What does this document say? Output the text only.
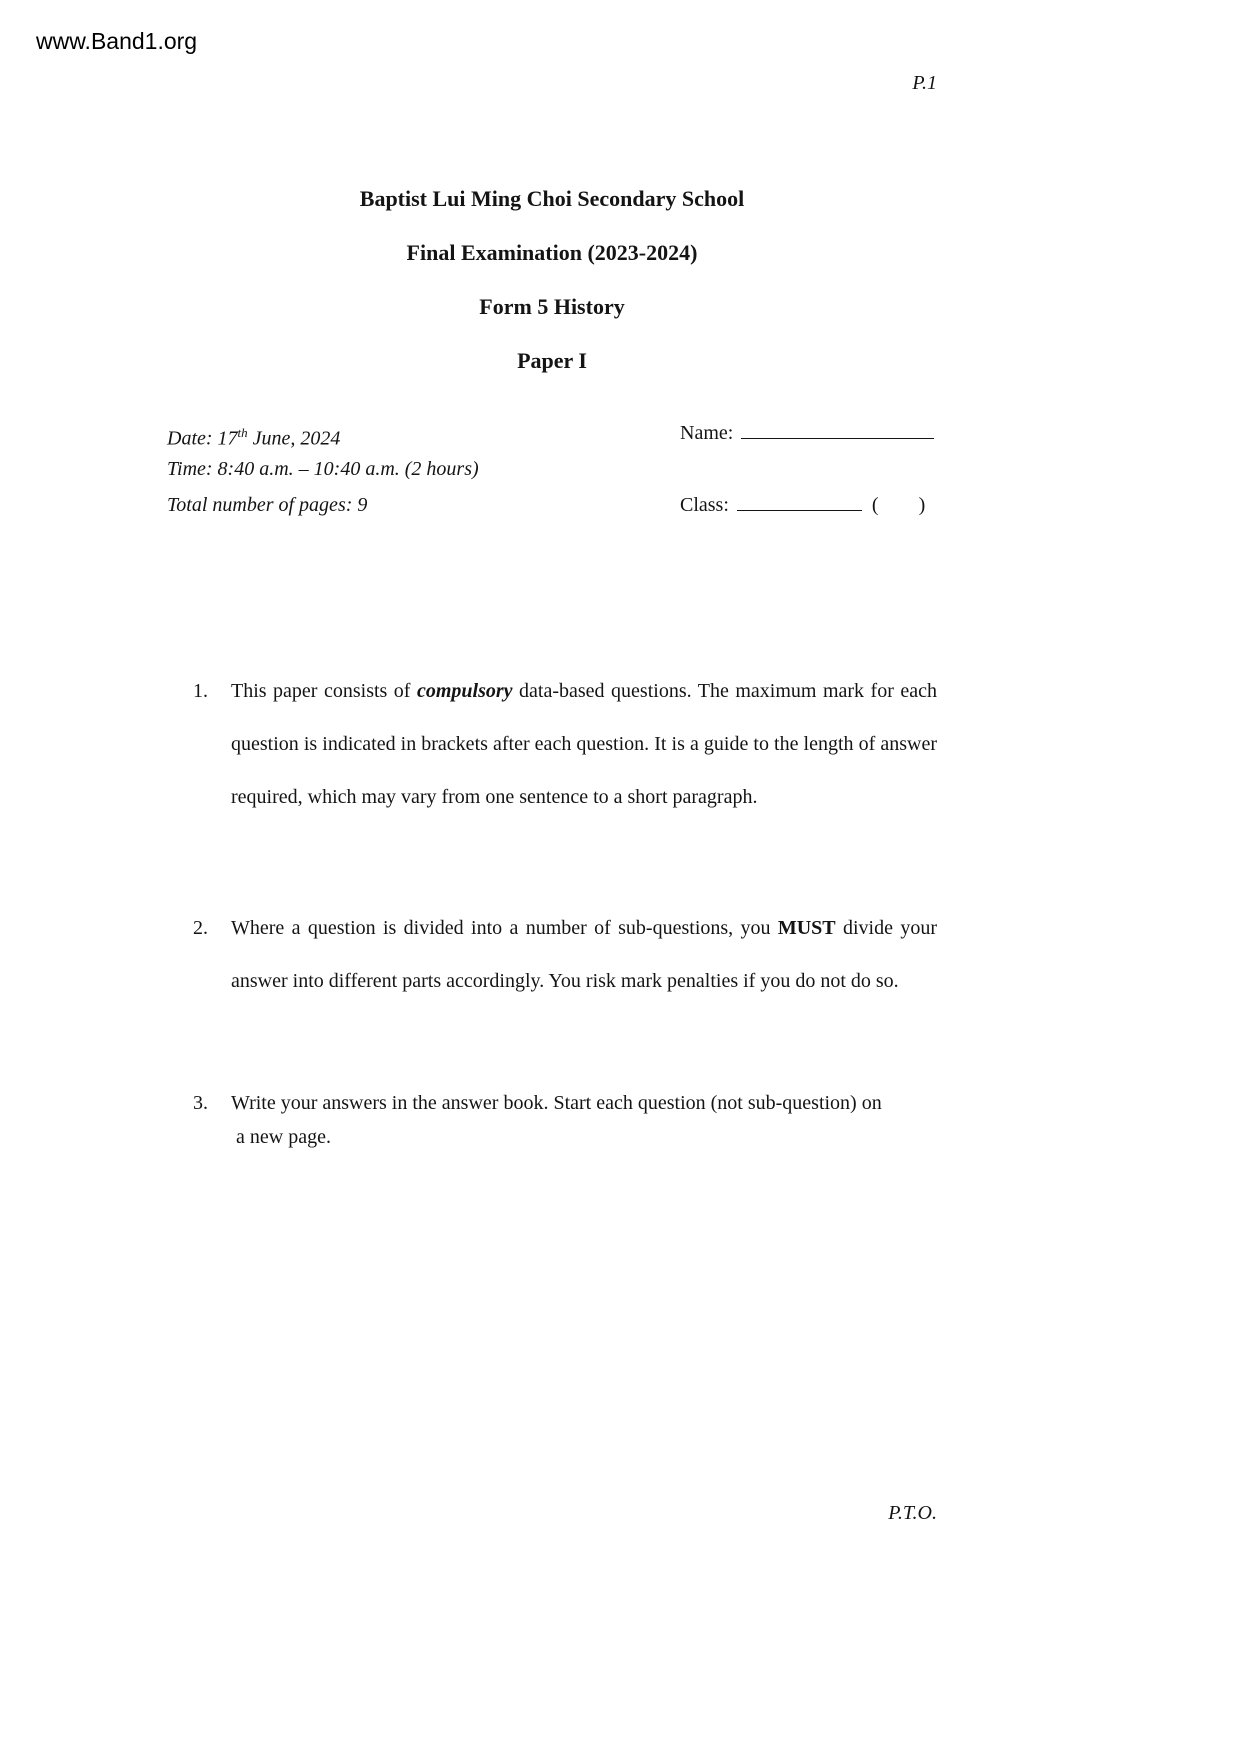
www.Band1.org
P.1
Baptist Lui Ming Choi Secondary School
Final Examination (2023-2024)
Form 5 History
Paper I
Date: 17th June, 2024
Time: 8:40 a.m. – 10:40 a.m. (2 hours)
Total number of pages: 9
Name:
Class:	( )
1.	This paper consists of compulsory data-based questions. The maximum mark for each question is indicated in brackets after each question. It is a guide to the length of answer required, which may vary from one sentence to a short paragraph.
2.	Where a question is divided into a number of sub-questions, you MUST divide your answer into different parts accordingly. You risk mark penalties if you do not do so.
3.	Write your answers in the answer book. Start each question (not sub-question) on
a new page.
P.T.O.
